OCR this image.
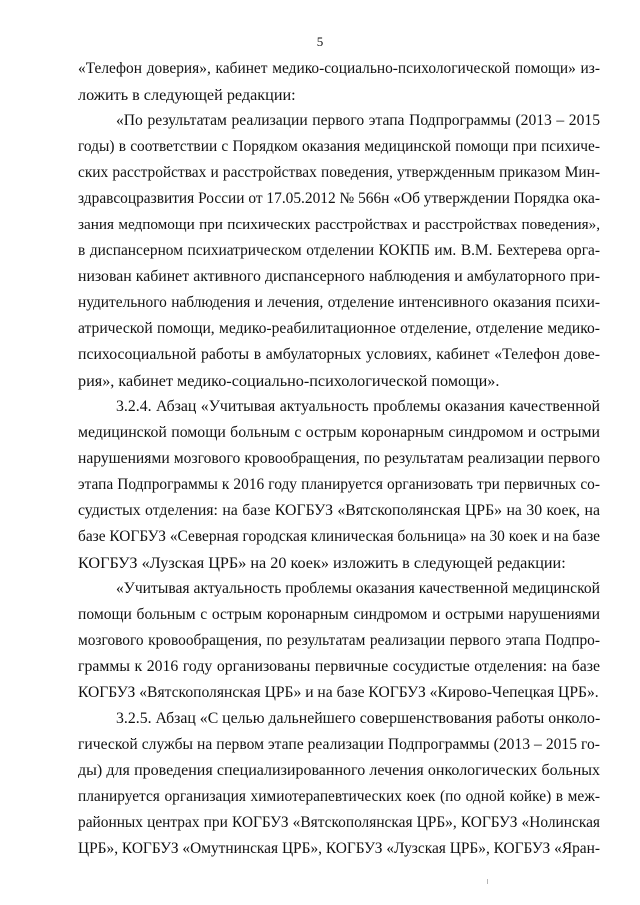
5
«Телефон доверия», кабинет медико-социально-психологической помощи» из-
ложить в следующей редакции:
«По результатам реализации первого этапа Подпрограммы (2013 – 2015
годы) в соответствии с Порядком оказания медицинской помощи при психиче-
ских расстройствах и расстройствах поведения, утвержденным приказом Мин-
здравсоцразвития России от 17.05.2012 № 566н «Об утверждении Порядка ока-
зания медпомощи при психических расстройствах и расстройствах поведения»,
в диспансерном психиатрическом отделении КОКПБ им. В.М. Бехтерева орга-
низован кабинет активного диспансерного наблюдения и амбулаторного при-
нудительного наблюдения и лечения, отделение интенсивного оказания психи-
атрической помощи, медико-реабилитационное отделение, отделение медико-
психосоциальной работы в амбулаторных условиях, кабинет «Телефон дове-
рия», кабинет медико-социально-психологической помощи».
3.2.4. Абзац «Учитывая актуальность проблемы оказания качественной
медицинской помощи больным с острым коронарным синдромом и острыми
нарушениями мозгового кровообращения, по результатам реализации первого
этапа Подпрограммы к 2016 году планируется организовать три первичных со-
судистых отделения: на базе КОГБУЗ «Вятскополянская ЦРБ» на 30 коек, на
базе КОГБУЗ «Северная городская клиническая больница» на 30 коек и на базе
КОГБУЗ «Лузская ЦРБ» на 20 коек» изложить в следующей редакции:
«Учитывая актуальность проблемы оказания качественной медицинской
помощи больным с острым коронарным синдромом и острыми нарушениями
мозгового кровообращения, по результатам реализации первого этапа Подпро-
граммы к 2016 году организованы первичные сосудистые отделения: на базе
КОГБУЗ «Вятскополянская ЦРБ» и на базе КОГБУЗ «Кирово-Чепецкая ЦРБ».
3.2.5. Абзац «С целью дальнейшего совершенствования работы онколо-
гической службы на первом этапе реализации Подпрограммы (2013 – 2015 го-
ды) для проведения специализированного лечения онкологических больных
планируется организация химиотерапевтических коек (по одной койке) в меж-
районных центрах при КОГБУЗ «Вятскополянская ЦРБ», КОГБУЗ «Нолинская
ЦРБ», КОГБУЗ «Омутнинская ЦРБ», КОГБУЗ «Лузская ЦРБ», КОГБУЗ «Яран-
